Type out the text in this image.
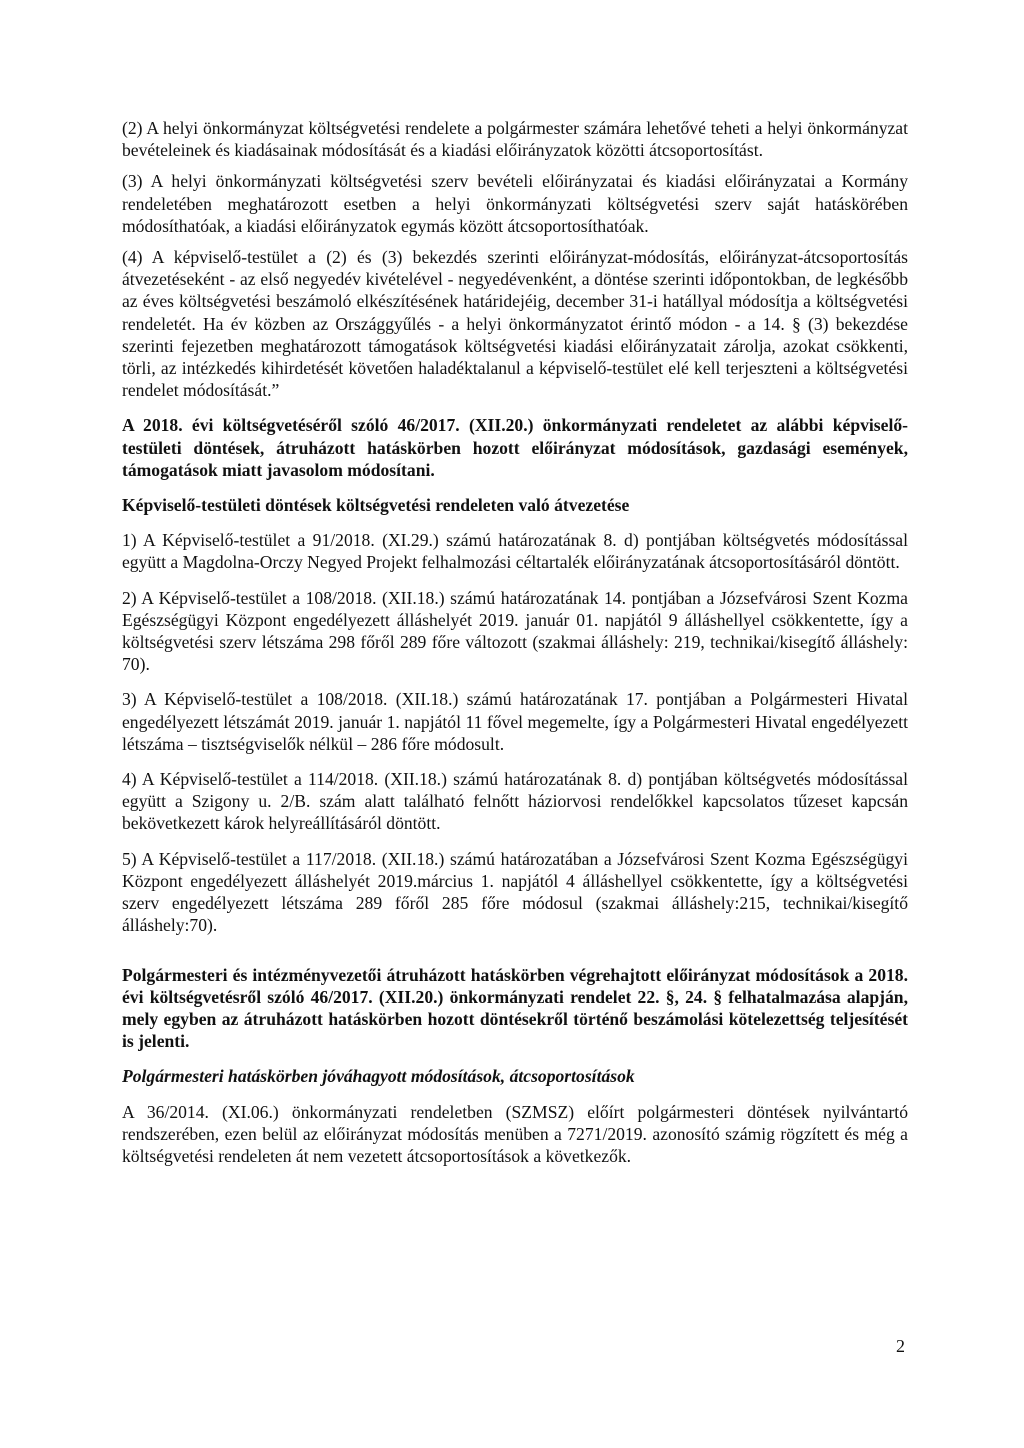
(2) A helyi önkormányzat költségvetési rendelete a polgármester számára lehetővé teheti a helyi önkormányzat bevételeinek és kiadásainak módosítását és a kiadási előirányzatok közötti átcsoportosítást.

(3) A helyi önkormányzati költségvetési szerv bevételi előirányzatai és kiadási előirányzatai a Kormány rendeletében meghatározott esetben a helyi önkormányzati költségvetési szerv saját hatáskörében módosíthatóak, a kiadási előirányzatok egymás között átcsoportosíthatóak.

(4) A képviselő-testület a (2) és (3) bekezdés szerinti előirányzat-módosítás, előirányzat-átcsoportosítás átvezetéseként - az első negyedév kivételével - negyedévenként, a döntése szerinti időpontokban, de legkésőbb az éves költségvetési beszámoló elkészítésének határidejéig, december 31-i hatállyal módosítja a költségvetési rendeletét. Ha év közben az Országgyűlés - a helyi önkormányzatot érintő módon - a 14. § (3) bekezdése szerinti fejezetben meghatározott támogatások költségvetési kiadási előirányzatait zárolja, azokat csökkenti, törli, az intézkedés kihirdetését követően haladéktalanul a képviselő-testület elé kell terjeszteni a költségvetési rendelet módosítását.”

A 2018. évi költségvetéséről szóló 46/2017. (XII.20.) önkormányzati rendeletet az alábbi képviselő-testületi döntések, átruházott hatáskörben hozott előirányzat módosítások, gazdasági események, támogatások miatt javasolom módosítani.

Képviselő-testületi döntések költségvetési rendeleten való átvezetése

1) A Képviselő-testület a 91/2018. (XI.29.) számú határozatának 8. d) pontjában költségvetés módosítással együtt a Magdolna-Orczy Negyed Projekt felhalmozási céltartalék előirányzatának átcsoportosításáról döntött.

2) A Képviselő-testület a 108/2018. (XII.18.) számú határozatának 14. pontjában a Józsefvárosi Szent Kozma Egészségügyi Központ engedélyezett álláshelyét 2019. január 01. napjától 9 álláshellyel csökkentette, így a költségvetési szerv létszáma 298 főről 289 főre változott (szakmai álláshely: 219, technikai/kisegítő álláshely: 70).

3) A Képviselő-testület a 108/2018. (XII.18.) számú határozatának 17. pontjában a Polgármesteri Hivatal engedélyezett létszámát 2019. január 1. napjától 11 fővel megemelte, így a Polgármesteri Hivatal engedélyezett létszáma – tisztségviselők nélkül – 286 főre módosult.

4) A Képviselő-testület a 114/2018. (XII.18.) számú határozatának 8. d) pontjában költségvetés módosítással együtt a Szigony u. 2/B. szám alatt található felnőtt háziorvosi rendelőkkel kapcsolatos tűzeset kapcsán bekövetkezett károk helyreállításáról döntött.

5) A Képviselő-testület a 117/2018. (XII.18.) számú határozatában a Józsefvárosi Szent Kozma Egészségügyi Központ engedélyezett álláshelyét 2019.március 1. napjától 4 álláshellyel csökkentette, így a költségvetési szerv engedélyezett létszáma 289 főről 285 főre módosul (szakmai álláshely:215, technikai/kisegítő álláshely:70).

Polgármesteri és intézményvezetői átruházott hatáskörben végrehajtott előirányzat módosítások a 2018. évi költségvetésről szóló 46/2017. (XII.20.) önkormányzati rendelet 22. §, 24. § felhatalmazása alapján, mely egyben az átruházott hatáskörben hozott döntésekről történő beszámolási kötelezettség teljesítését is jelenti.

Polgármesteri hatáskörben jóváhagyott módosítások, átcsoportosítások

A 36/2014. (XI.06.) önkormányzati rendeletben (SZMSZ) előírt polgármesteri döntések nyilvántartó rendszerében, ezen belül az előirányzat módosítás menüben a 7271/2019. azonosító számig rögzített és még a költségvetési rendeleten át nem vezetett átcsoportosítások a következők.

2
